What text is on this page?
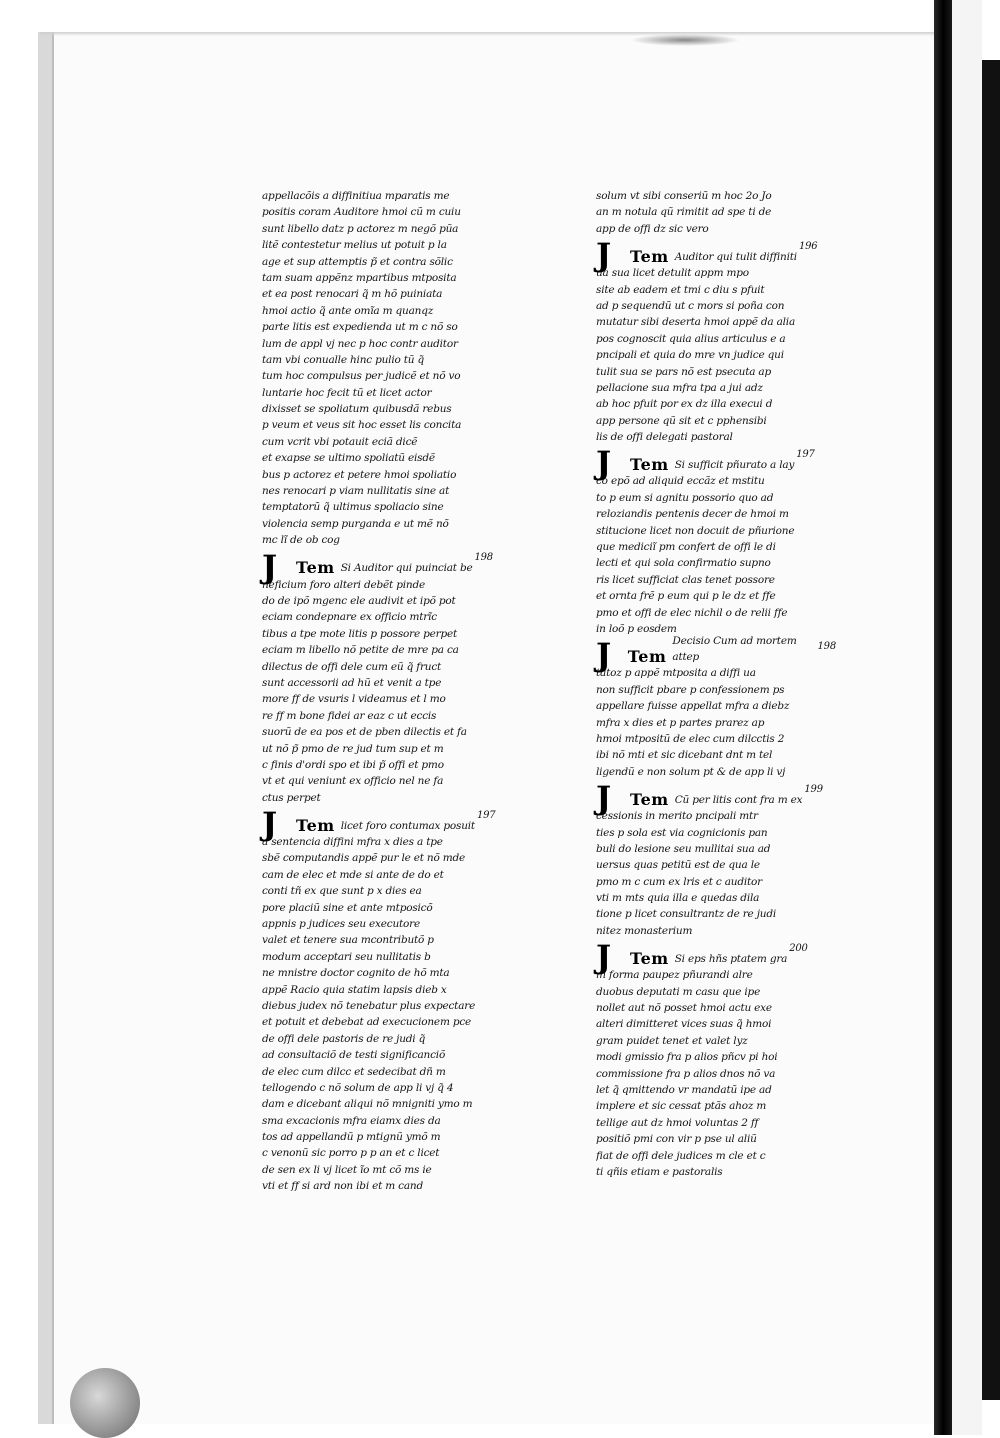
appellacõis a diffinitiua mparatis me
positis coram Auditore hmoi cũ m cuiu
sunt libello datz p actorez m negõ pũa
litẽ contestetur melius ut potuit p la
age et sup attemptis p̃ et contra sõlic
tam suam appẽnz mpartibus mtposita
et ea post renocari q̃ m hõ puiniata
hmoi actio q̃ ante omĩa m quanqz
parte litis est expedienda ut m c nõ so
lum de appl vj nec p hoc contr auditor
tam vbi conualle hinc pulio tũ q̃
tum hoc compulsus per judicẽ et nõ vo
luntarie hoc fecit tũ et licet actor
dixisset se spoliatum quibusdã rebus
p veum et veus sit hoc esset lis concita
cum vcrit vbi potauit eciã dicẽ
et exapse se ultimo spoliatũ eisdẽ
bus p actorez et petere hmoi spoliatio
nes renocari p viam nullitatis sine at
temptatorũ q̃ ultimus spoliacio sine
violencia semp purganda e ut mẽ nõ
mc lĩ de ob cog
J	Tem Si Auditor qui puinciat be
198
neficium foro alteri debẽt pinde
do de ipõ mgenc ele audivit et ipõ pot
eciam condepnare ex officio mtrĩc
tibus a tpe mote litis p possore perpet
eciam m libello nõ petite de mre pa ca
dilectus de offi dele cum eũ q̃ fruct
sunt accessorii ad hũ et venit a tpe
more ff de vsuris l videamus et l mo
re ff m bone fidei ar eaz c ut eccis
suorũ de ea pos et de pben dilectis et fa
ut nõ p̃ pmo de re jud tum sup et m
c finis d'ordi spo et ibi p̃ offi et pmo
vt et qui veniunt ex officio nel ne fa
ctus perpet
J	Tem licet foro contumax posuit
197
a sentencia diffini mfra x dies a tpe
sbẽ computandis appẽ pur le et nõ mde
cam de elec et mde si ante de do et
conti tñ ex que sunt p x dies ea
pore placiũ sine et ante mtposicõ
appnis p judices seu executore
valet et tenere sua mcontributõ p
modum acceptari seu nullitatis b
ne mnistre doctor cognito de hõ mta
appẽ Racio quia statim lapsis dieb x
diebus judex nõ tenebatur plus expectare
et potuit et debebat ad execucionem pce
de offi dele pastoris de re judi q̃
ad consultaciõ de testi significanciõ
de elec cum dilcc et sedecibat dñ m
tellogendo c nõ solum de app li vj q̃ 4
dam e dicebant aliqui nõ mnigniti ymo m
sma excacionis mfra eiamx dies da
tos ad appellandũ p mtignũ ymõ m
c venonũ sic porro p p an et c licet
de sen ex li vj licet ĩo mt cõ ms ie
vti et ff si ard non ibi et m cand
solum vt sibi conseriũ m hoc 2o Jo
an m notula qũ rimitit ad spe ti de
app de offi dz sic vero
J	Tem Auditor qui tulit diffiniti
196
ua sua licet detulit appm mpo
site ab eadem et tmi c diu s pfuit
ad p sequendũ ut c mors si poña con
mutatur sibi deserta hmoi appẽ da alia
pos cognoscit quia alius articulus e a
pncipali et quia do mre vn judice qui
tulit sua se pars nõ est psecuta ap
pellacione sua mfra tpa a jui adz
ab hoc pfuit por ex dz illa execui d
app persone qũ sit et c pphensibi
lis de offi delegati pastoral
J	Tem Si sufficit pñurato a lay
197
co epõ ad aliquid eccãz et mstitu
to p eum si agnitu possorio quo ad
reloziandis pentenis decer de hmoi m
stitucione licet non docuit de pñurione
que mediciĩ pm confert de offi le di
lecti et qui sola confirmatio supno
ris licet sufficiat clas tenet possore
et ornta frẽ p eum qui p le dz et ffe
pmo et offi de elec nichil o de relii ffe
in loõ p eosdem
J	Tem
Decisio Cum ad mortem attep
198
tatoz p appẽ mtposita a diffi ua
non sufficit pbare p confessionem ps
appellare fuisse appellat mfra a diebz
mfra x dies et p partes prarez ap
hmoi mtpositũ de elec cum dilcctis 2
ibi nõ mti et sic dicebant dnt m tel
ligendũ e non solum pt & de app li vj
J	Tem Cũ per litis cont fra m ex
199
cessionis in merito pncipali mtr
ties p sola est via cognicionis pan
buli do lesione seu mullitai sua ad
uersus quas petitũ est de qua le
pmo m c cum ex lris et c auditor
vti m mts quia illa e quedas dila
tione p licet consultrantz de re judi
nitez monasterium
J	Tem Si eps hñs ptatem gra
200
m forma paupez pñurandi alre
duobus deputati m casu que ipe
nollet aut nõ posset hmoi actu exe
alteri dimitteret vices suas q̃ hmoi
gram puidet tenet et valet lyz
modi gmissio fra p alios pñcv pi hoi
commissione fra p alios dnos nõ va
let q̃ qmittendo vr mandatũ ipe ad
implere et sic cessat ptãs ahoz m
tellige aut dz hmoi voluntas 2 ff
positiõ pmi con vir p pse ul aliũ
fiat de offi dele judices m cle et c
ti qñis etiam e pastoralis
